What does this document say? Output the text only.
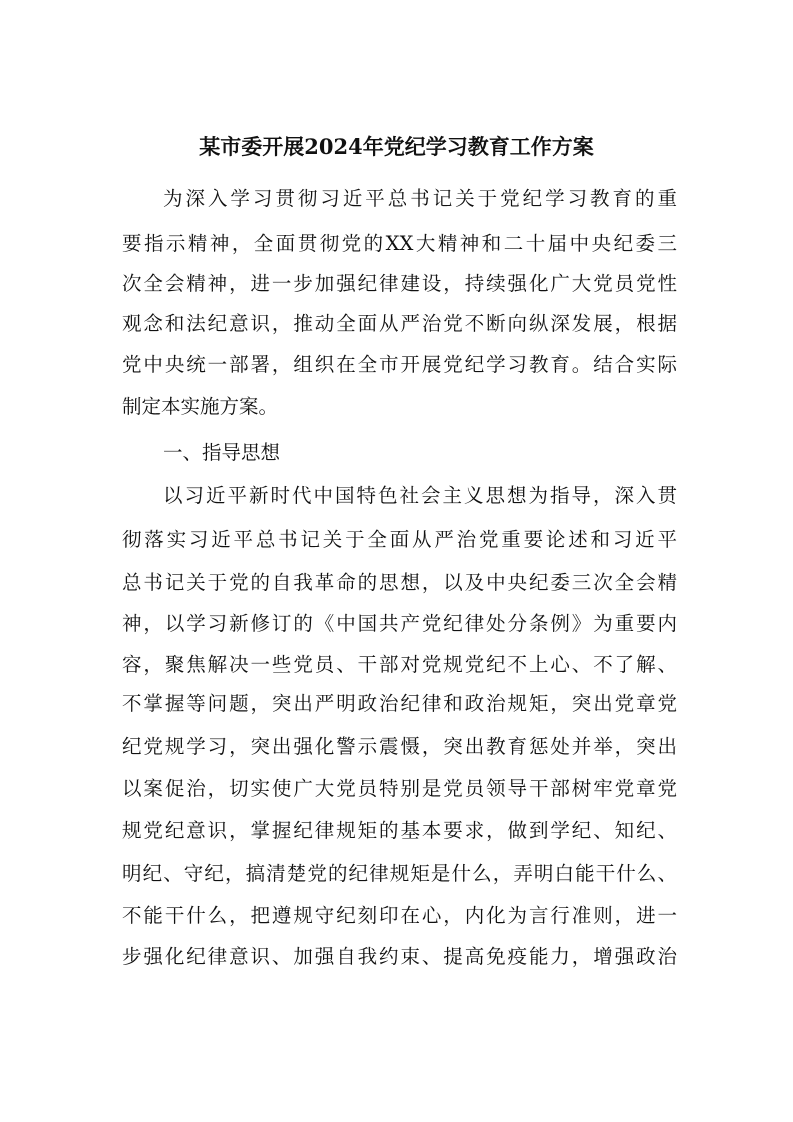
某市委开展2024年党纪学习教育工作方案
为深入学习贯彻习近平总书记关于党纪学习教育的重
要指示精神，全面贯彻党的XX大精神和二十届中央纪委三
次全会精神，进一步加强纪律建设，持续强化广大党员党性
观念和法纪意识，推动全面从严治党不断向纵深发展，根据
党中央统一部署，组织在全市开展党纪学习教育。结合实际
制定本实施方案。
一、指导思想
以习近平新时代中国特色社会主义思想为指导，深入贯
彻落实习近平总书记关于全面从严治党重要论述和习近平
总书记关于党的自我革命的思想，以及中央纪委三次全会精
神，以学习新修订的《中国共产党纪律处分条例》为重要内
容，聚焦解决一些党员、干部对党规党纪不上心、不了解、
不掌握等问题，突出严明政治纪律和政治规矩，突出党章党
纪党规学习，突出强化警示震慑，突出教育惩处并举，突出
以案促治，切实使广大党员特别是党员领导干部树牢党章党
规党纪意识，掌握纪律规矩的基本要求，做到学纪、知纪、
明纪、守纪，搞清楚党的纪律规矩是什么，弄明白能干什么、
不能干什么，把遵规守纪刻印在心，内化为言行准则，进一
步强化纪律意识、加强自我约束、提高免疫能力，增强政治
